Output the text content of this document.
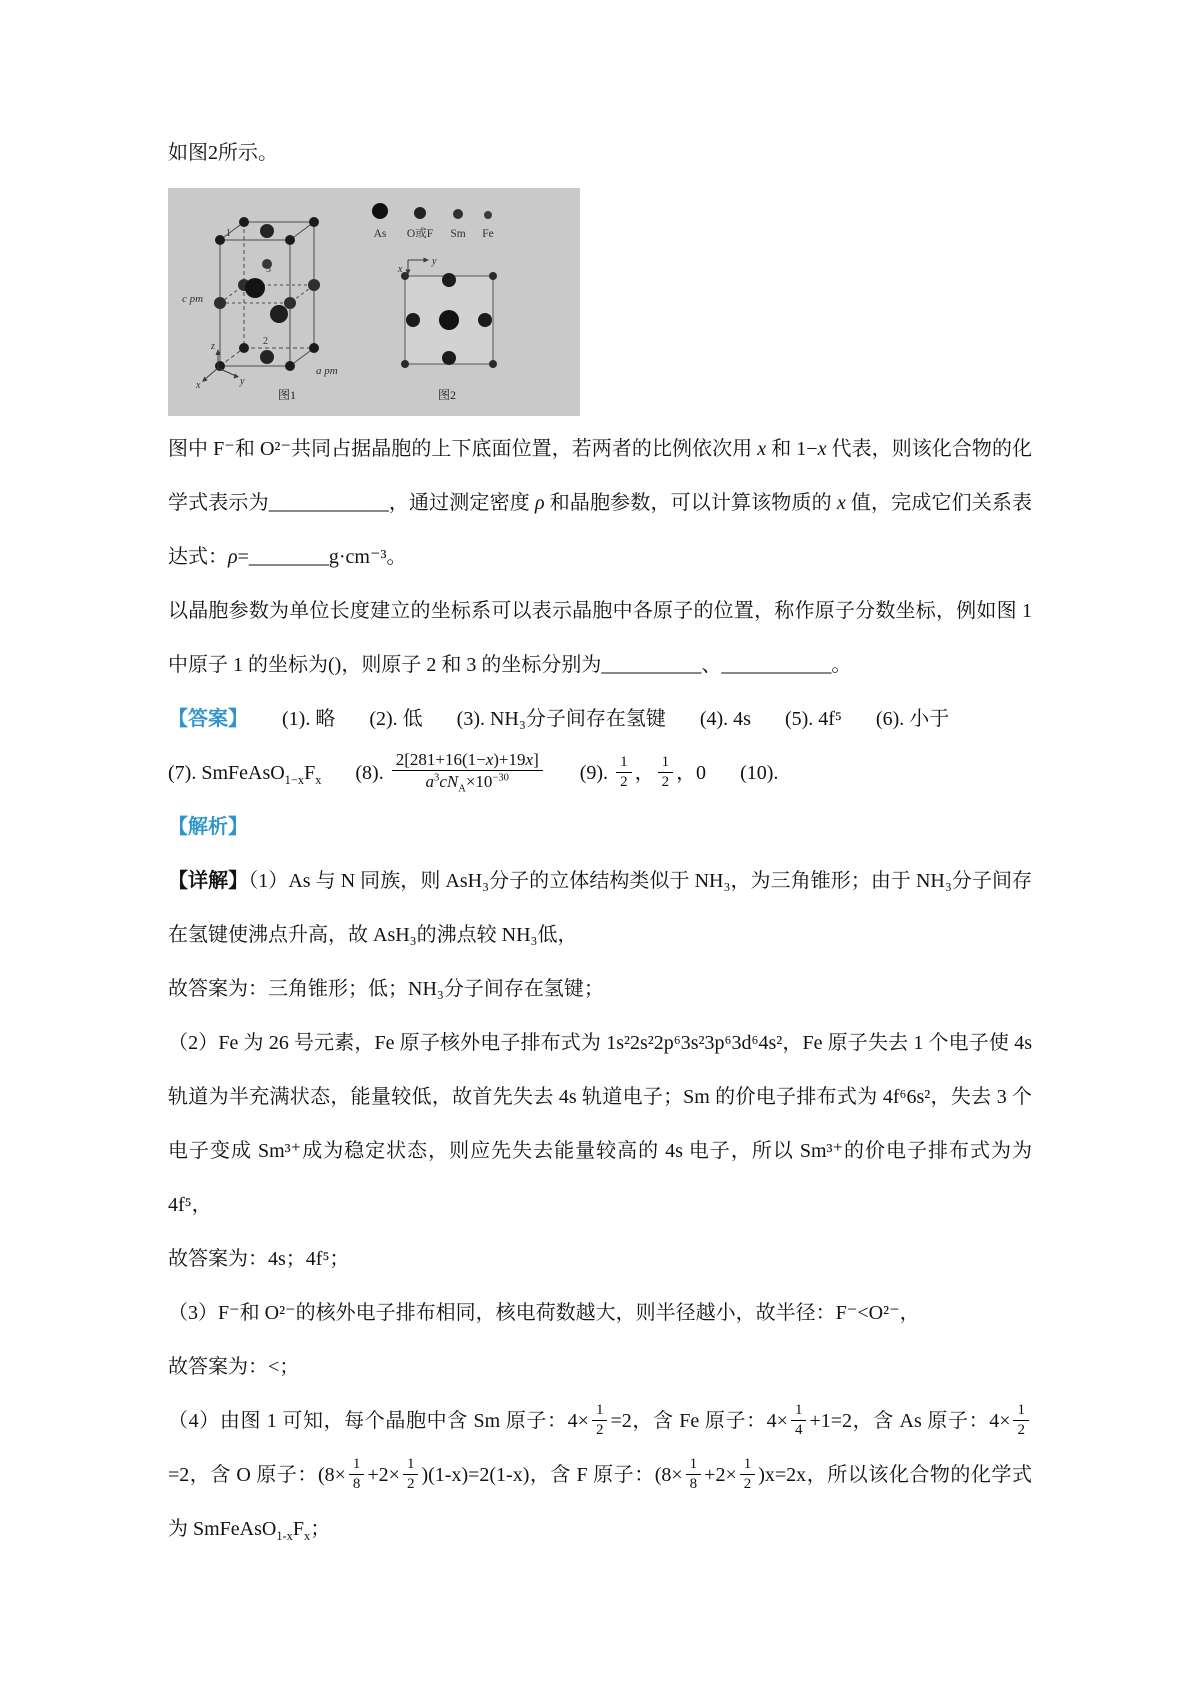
如图2所示。

1
2
3
c pm
a pm
z
x	y
As O或F Sm Fe
y
x
图1	图2

图中 F⁻和 O²⁻共同占据晶胞的上下底面位置，若两者的比例依次用 x 和 1−x 代表，则该化合物的化学式表示为____________，通过测定密度 ρ 和晶胞参数，可以计算该物质的 x 值，完成它们关系表达式：ρ=________g·cm⁻³。

以晶胞参数为单位长度建立的坐标系可以表示晶胞中各原子的位置，称作原子分数坐标，例如图 1 中原子 1 的坐标为()，则原子 2 和 3 的坐标分别为__________、___________。

【答案】 (1). 略 (2). 低 (3). NH₃分子间存在氢键 (4). 4s (5). 4f⁵ (6). 小于(7). $SmFeAsO_{1-x}F_x$ (8). $\frac{2[281+16(1-x)+19x]}{a^3cN_A\times 10^{-30}} (9)$. $\frac{1}{2}$ ， $\frac{1}{2}$ ，0 (10).

【解析】

【详解】（1）As 与 N 同族，则 AsH₃分子的立体结构类似于 NH₃，为三角锥形；由于 NH₃分子间存在氢键使沸点升高，故 AsH₃的沸点较 NH₃低，

故答案为：三角锥形；低；NH₃分子间存在氢键；

（2）Fe 为 26 号元素，Fe 原子核外电子排布式为 1s²2s²2p⁶3s²3p⁶3d⁶4s²，Fe 原子失去 1 个电子使 4s 轨道为半充满状态，能量较低，故首先失去 4s 轨道电子；Sm 的价电子排布式为 4f⁶6s²，失去 3 个电子变成 Sm³⁺成为稳定状态，则应先失去能量较高的 4s 电子，所以 Sm³⁺的价电子排布式为为 4f⁵，

故答案为：4s；4f⁵；

（3）F⁻和 O²⁻的核外电子排布相同，核电荷数越大，则半径越小，故半径：F⁻<O²⁻，

故答案为：<；

（4）由图 1 可知，每个晶胞中含 Sm 原子：$4\times \frac{1}{2} =2$，含 Fe 原子：$4\times \frac{1}{4} +1=2$，含 As 原子：$4\times \frac{1}{2}$
=2，含 O 原子：$(8\times \frac{1}{8} +2\times \frac{1}{2} )(1-x)=2(1-x)$，含 F 原子：$(8\times \frac{1}{8} +2\times \frac{1}{2} )x=2x$，所以该化合物的化学式为 $SmFeAsO_{1-x}F_x$；
